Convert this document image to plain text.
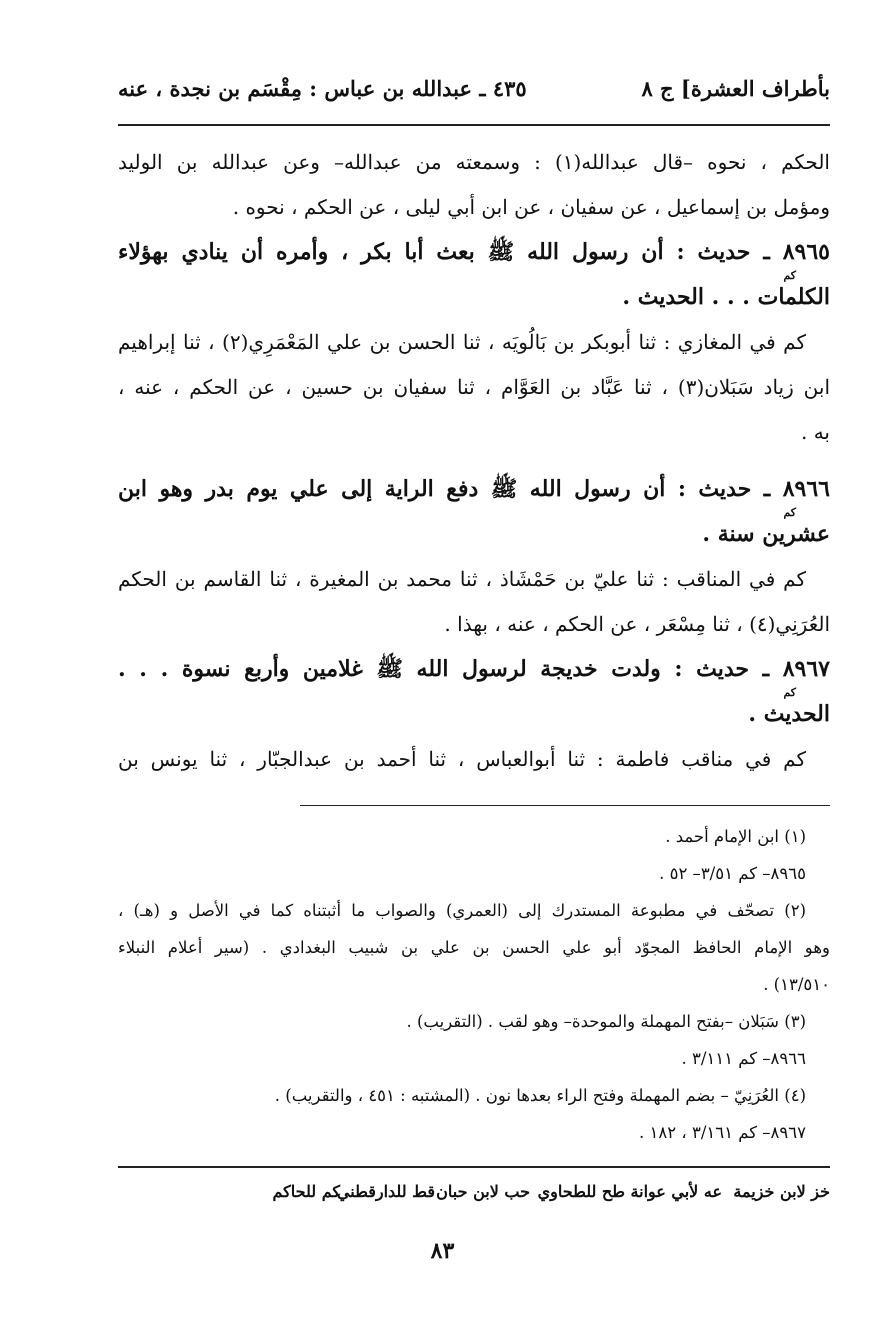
بأطراف العشرة] ج ٨
٤٣٥ ـ عبدالله بن عباس : مِقْسَم بن نجدة ، عنه
الحكم ، نحوه –قال عبدالله(١) : وسمعته من عبدالله– وعن عبدالله بن الوليد
ومؤمل بن إسماعيل ، عن سفيان ، عن ابن أبي ليلى ، عن الحكم ، نحوه .
٨٩٦٥ ـ حديث : أن رسول الله ﷺ بعث أبا بكر ، وأمره أن ينادي بهؤلاء
كم
الكلمات . . . الحديث .
كم في المغازي : ثنا أبوبكر بن بَالُويَه ، ثنا الحسن بن علي المَعْمَرِي(٢) ، ثنا إبراهيم
ابن زياد سَبَلان(٣) ، ثنا عَبَّاد بن العَوَّام ، ثنا سفيان بن حسين ، عن الحكم ، عنه ،
به .
٨٩٦٦ ـ حديث : أن رسول الله ﷺ دفع الراية إلى علي يوم بدر وهو ابن
كم
عشرين سنة .
كم في المناقب : ثنا عليّ بن حَمْشَاذ ، ثنا محمد بن المغيرة ، ثنا القاسم بن الحكم
العُرَنِي(٤) ، ثنا مِسْعَر ، عن الحكم ، عنه ، بهذا .
٨٩٦٧ ـ حديث : ولدت خديجة لرسول الله ﷺ غلامين وأربع نسوة . . .
كم
الحديث .
كم في مناقب فاطمة : ثنا أبوالعباس ، ثنا أحمد بن عبدالجبّار ، ثنا يونس بن
(١) ابن الإمام أحمد .
٨٩٦٥– كم ٣/٥١– ٥٢ .
(٢) تصحّف في مطبوعة المستدرك إلى (العمري) والصواب ما أثبتناه كما في الأصل و (هـ) ،
وهو الإمام الحافظ المجوّد أبو علي الحسن بن علي بن شبيب البغدادي . (سير أعلام النبلاء
١٣/٥١٠) .
(٣) سَبَلان –بفتح المهملة والموحدة– وهو لقب . (التقريب) .
٨٩٦٦– كم ٣/١١١ .
(٤) العُرَنِيّ – بضم المهملة وفتح الراء بعدها نون . (المشتبه : ٤٥١ ، والتقريب) .
٨٩٦٧– كم ٣/١٦١ ، ١٨٢ .
خز لابن خزيمة
عه لأبي عوانة
طح للطحاوي
حب لابن حبان
قط للدارقطني
كم للحاكم
٨٣
